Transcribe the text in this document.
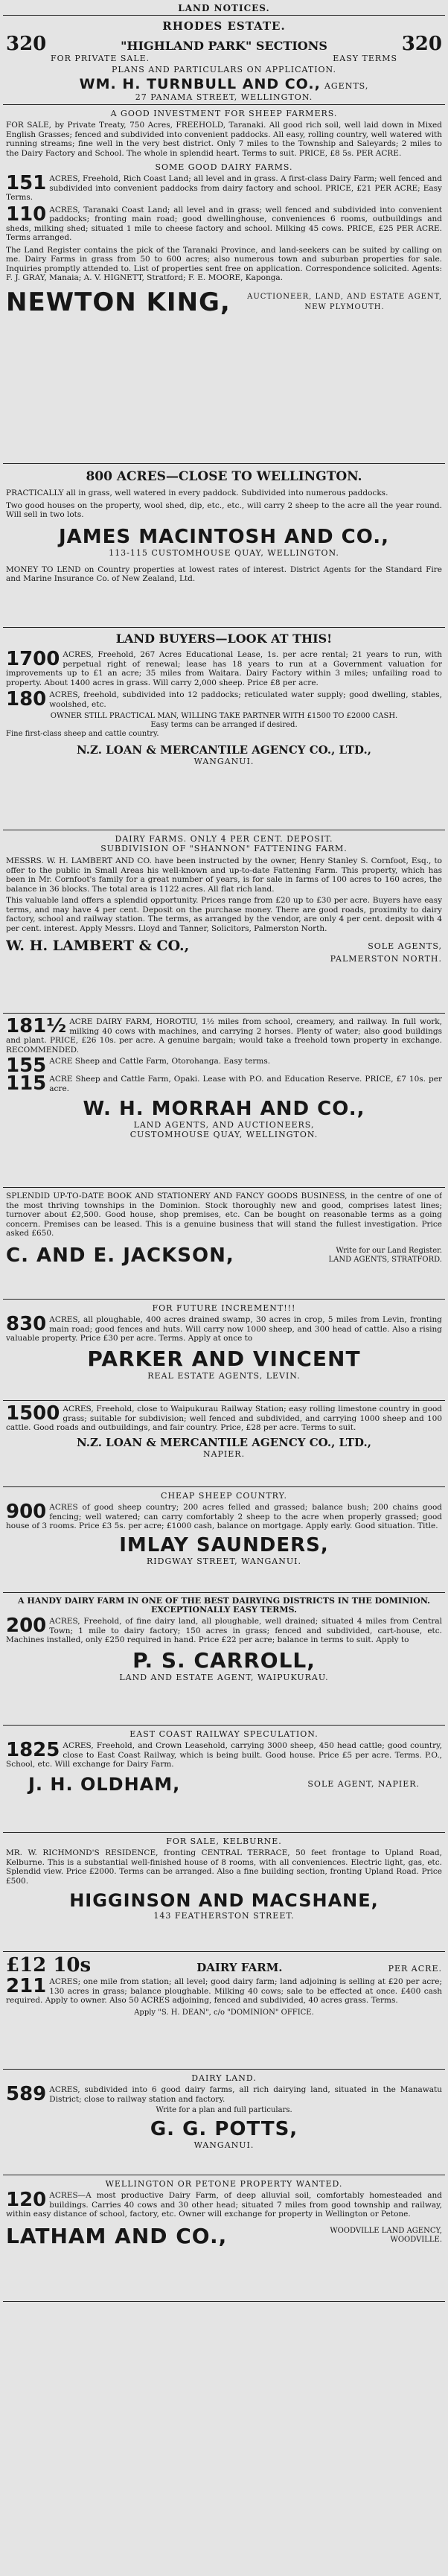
LAND NOTICES.
RHODES ESTATE.
320	"HIGHLAND PARK" SECTIONS	320
FOR PRIVATE SALE.	EASY TERMS
PLANS AND PARTICULARS ON APPLICATION.
WM. H. TURNBULL AND CO., AGENTS,
27 PANAMA STREET, WELLINGTON.
A GOOD INVESTMENT FOR SHEEP FARMERS.
FOR SALE, by Private Treaty, 750 Acres, FREEHOLD, Taranaki. All good rich soil, well laid down in Mixed English Grasses; fenced and subdivided into convenient paddocks. All easy, rolling country, well watered with running streams; fine well in the very best district. Only 7 miles to the Township and Saleyards; 2 miles to the Dairy Factory and School. The whole in splendid heart. Terms to suit. PRICE, £8 5s. PER ACRE.
SOME GOOD DAIRY FARMS.
151 ACRES, Freehold, Rich Coast Land; all level and in grass. A first-class Dairy Farm; well fenced and subdivided into convenient paddocks from dairy factory and school. PRICE, £21 PER ACRE; Easy Terms.
110 ACRES, Taranaki Coast Land; all level and in grass; well fenced and subdivided into convenient paddocks; fronting main road; good dwellinghouse, conveniences 6 rooms, outbuildings and sheds, milking shed; situated 1 mile to cheese factory and school. Milking 45 cows. PRICE, £25 PER ACRE. Terms arranged.
The Land Register contains the pick of the Taranaki Province, and land-seekers can be suited by calling on me. Dairy Farms in grass from 50 to 600 acres; also numerous town and suburban properties for sale. Inquiries promptly attended to. List of properties sent free on application. Correspondence solicited. Agents: F. J. GRAY, Manaia; A. V. HIGNETT, Stratford; F. E. MOORE, Kaponga.
NEWTON KING, AUCTIONEER, LAND, AND ESTATE AGENT,
NEW PLYMOUTH.
800 ACRES—CLOSE TO WELLINGTON.
PRACTICALLY all in grass, well watered in every paddock. Subdivided into numerous paddocks.
Two good houses on the property, wool shed, dip, etc., etc., will carry 2 sheep to the acre all the year round. Will sell in two lots.
JAMES MACINTOSH AND CO.,
113-115 CUSTOMHOUSE QUAY, WELLINGTON.
MONEY TO LEND on Country properties at lowest rates of interest. District Agents for the Standard Fire and Marine Insurance Co. of New Zealand, Ltd.
LAND BUYERS—LOOK AT THIS!
1700 ACRES, Freehold, 267 Acres Educational Lease, 1s. per acre rental; 21 years to run, with perpetual right of renewal; lease has 18 years to run at a Government valuation for improvements up to £1 an acre; 35 miles from Waitara. Dairy Factory within 3 miles; unfailing road to property. About 1400 acres in grass. Will carry 2,000 sheep. Price £8 per acre.
180 ACRES, freehold, subdivided into 12 paddocks; reticulated water supply; good dwelling, stables, woolshed, etc.
OWNER STILL PRACTICAL MAN, WILLING TAKE PARTNER WITH £1500 TO £2000 CASH.
Easy terms can be arranged if desired.
Fine first-class sheep and cattle country.
N.Z. LOAN & MERCANTILE AGENCY CO., LTD.,
WANGANUI.
DAIRY FARMS. ONLY 4 PER CENT. DEPOSIT.
SUBDIVISION OF "SHANNON" FATTENING FARM.
MESSRS. W. H. LAMBERT AND CO. have been instructed by the owner, Henry Stanley S. Cornfoot, Esq., to offer to the public in Small Areas his well-known and up-to-date Fattening Farm. This property, which has been in Mr. Cornfoot's family for a great number of years, is for sale in farms of 100 acres to 160 acres, the balance in 36 blocks. The total area is 1122 acres. All flat rich land.
This valuable land offers a splendid opportunity. Prices range from £20 up to £30 per acre. Buyers have easy terms, and may have 4 per cent. Deposit on the purchase money. There are good roads, proximity to dairy factory, school and railway station. The terms, as arranged by the vendor, are only 4 per cent. deposit with 4 per cent. interest. Apply Messrs. Lloyd and Tanner, Solicitors, Palmerston North.
W. H. LAMBERT & CO.,	SOLE AGENTS,
PALMERSTON NORTH.
181½ ACRE DAIRY FARM, HOROTIU, 1½ miles from school, creamery, and railway. In full work, milking 40 cows with machines, and carrying 2 horses. Plenty of water; also good buildings and plant. PRICE, £26 10s. per acre. A genuine bargain; would take a freehold town property in exchange. RECOMMENDED.
155 ACRE Sheep and Cattle Farm, Otorohanga. Easy terms.
115 ACRE Sheep and Cattle Farm, Opaki. Lease with P.O. and Education Reserve. PRICE, £7 10s. per acre.
W. H. MORRAH AND CO.,
LAND AGENTS, AND AUCTIONEERS,
CUSTOMHOUSE QUAY, WELLINGTON.
SPLENDID UP-TO-DATE BOOK AND STATIONERY AND FANCY GOODS BUSINESS, in the centre of one of the most thriving townships in the Dominion. Stock thoroughly new and good, comprises latest lines; turnover about £2,500. Good house, shop premises, etc. Can be bought on reasonable terms as a going concern. Premises can be leased. This is a genuine business that will stand the fullest investigation. Price asked £650.
C. AND E. JACKSON,	Write for our Land Register.
LAND AGENTS, STRATFORD.
FOR FUTURE INCREMENT!!!
830 ACRES, all ploughable, 400 acres drained swamp, 30 acres in crop, 5 miles from Levin, fronting main road; good fences and huts. Will carry now 1000 sheep, and 300 head of cattle. Also a rising valuable property. Price £30 per acre. Terms. Apply at once to
PARKER AND VINCENT
REAL ESTATE AGENTS, LEVIN.
1500 ACRES, Freehold, close to Waipukurau Railway Station; easy rolling limestone country in good grass; suitable for subdivision; well fenced and subdivided, and carrying 1000 sheep and 100 cattle. Good roads and outbuildings, and fair country. Price, £28 per acre. Terms to suit.
N.Z. LOAN & MERCANTILE AGENCY CO., LTD.,
NAPIER.
CHEAP SHEEP COUNTRY.
900 ACRES of good sheep country; 200 acres felled and grassed; balance bush; 200 chains good fencing; well watered; can carry comfortably 2 sheep to the acre when properly grassed; good house of 3 rooms. Price £3 5s. per acre; £1000 cash, balance on mortgage. Apply early. Good situation. Title.
IMLAY SAUNDERS,
RIDGWAY STREET, WANGANUI.
A HANDY DAIRY FARM IN ONE OF THE BEST DAIRYING DISTRICTS IN THE DOMINION. EXCEPTIONALLY EASY TERMS.
200 ACRES, Freehold, of fine dairy land, all ploughable, well drained; situated 4 miles from Central Town; 1 mile to dairy factory; 150 acres in grass; fenced and subdivided, cart-house, etc. Machines installed, only £250 required in hand. Price £22 per acre; balance in terms to suit. Apply to
P. S. CARROLL,
LAND AND ESTATE AGENT, WAIPUKURAU.
EAST COAST RAILWAY SPECULATION.
1825 ACRES, Freehold, and Crown Leasehold, carrying 3000 sheep, 450 head cattle; good country, close to East Coast Railway, which is being built. Good house. Price £5 per acre. Terms. P.O., School, etc. Will exchange for Dairy Farm.
J. H. OLDHAM,	SOLE AGENT, NAPIER.
FOR SALE, KELBURNE.
MR. W. RICHMOND'S RESIDENCE, fronting CENTRAL TERRACE, 50 feet frontage to Upland Road, Kelburne. This is a substantial well-finished house of 8 rooms, with all conveniences. Electric light, gas, etc. Splendid view. Price £2000. Terms can be arranged. Also a fine building section, fronting Upland Road. Price £500.
HIGGINSON AND MACSHANE,
143 FEATHERSTON STREET.
£12 10s	DAIRY FARM.	PER ACRE.
211 ACRES; one mile from station; all level; good dairy farm; land adjoining is selling at £20 per acre; 130 acres in grass; balance ploughable. Milking 40 cows; sale to be effected at once. £400 cash required. Apply to owner. Also 50 ACRES adjoining, fenced and subdivided, 40 acres grass. Terms.
Apply "S. H. DEAN", c/o "DOMINION" OFFICE.
DAIRY LAND.
589 ACRES, subdivided into 6 good dairy farms, all rich dairying land, situated in the Manawatu District; close to railway station and factory.
Write for a plan and full particulars.
G. G. POTTS,
WANGANUI.
WELLINGTON OR PETONE PROPERTY WANTED.
120 ACRES—A most productive Dairy Farm, of deep alluvial soil, comfortably homesteaded and buildings. Carries 40 cows and 30 other head; situated 7 miles from good township and railway, within easy distance of school, factory, etc. Owner will exchange for property in Wellington or Petone.
LATHAM AND CO.,	WOODVILLE LAND AGENCY, WOODVILLE.
